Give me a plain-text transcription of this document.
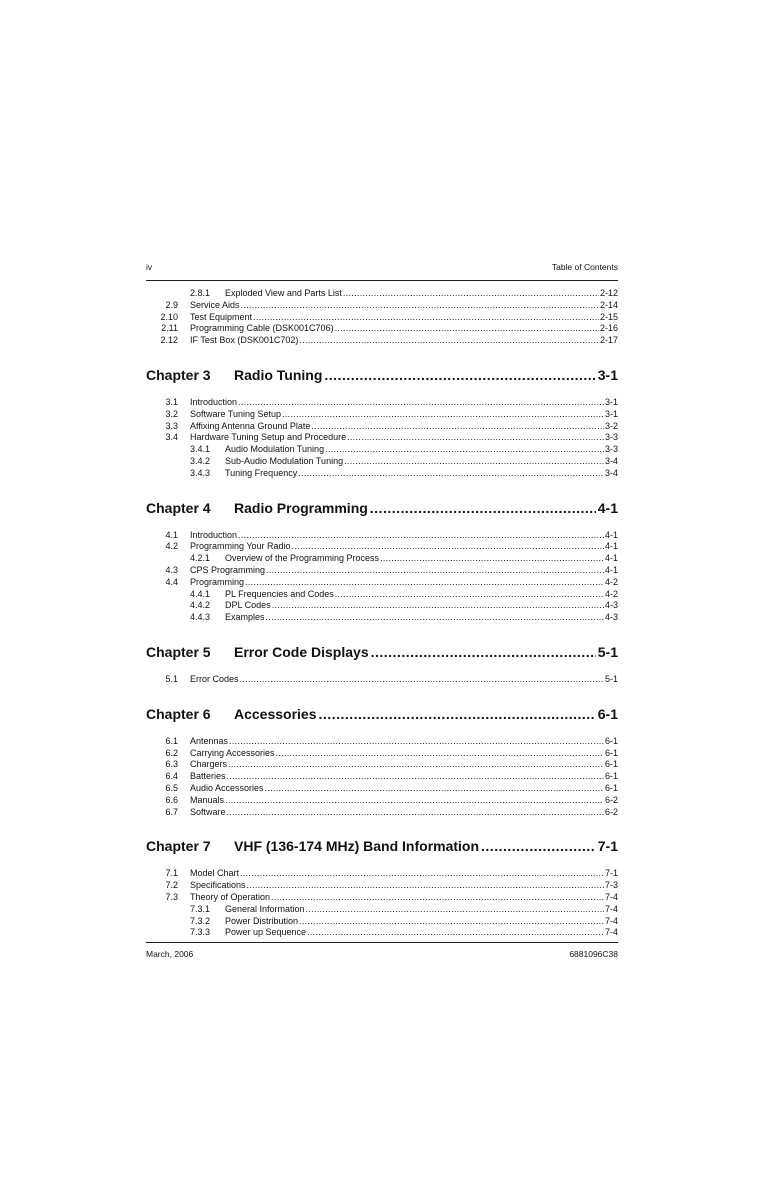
iv	Table of Contents
2.8.1	Exploded View and Parts List .....	2-12
2.9	Service Aids .....	2-14
2.10	Test Equipment .....	2-15
2.11	Programming Cable (DSK001C706) .....	2-16
2.12	IF Test Box (DSK001C702) .....	2-17
Chapter 3	Radio Tuning .....	3-1
3.1	Introduction .....	3-1
3.2	Software Tuning Setup .....	3-1
3.3	Affixing Antenna Ground Plate .....	3-2
3.4	Hardware Tuning Setup and Procedure .....	3-3
3.4.1	Audio Modulation Tuning .....	3-3
3.4.2	Sub-Audio Modulation Tuning .....	3-4
3.4.3	Tuning Frequency .....	3-4
Chapter 4	Radio Programming .....	4-1
4.1	Introduction .....	4-1
4.2	Programming Your Radio .....	4-1
4.2.1	Overview of the Programming Process .....	4-1
4.3	CPS Programming .....	4-1
4.4	Programming .....	4-2
4.4.1	PL Frequencies and Codes .....	4-2
4.4.2	DPL Codes .....	4-3
4.4.3	Examples .....	4-3
Chapter 5	Error Code Displays .....	5-1
5.1	Error Codes .....	5-1
Chapter 6	Accessories .....	6-1
6.1	Antennas .....	6-1
6.2	Carrying Accessories .....	6-1
6.3	Chargers .....	6-1
6.4	Batteries .....	6-1
6.5	Audio Accessories .....	6-1
6.6	Manuals .....	6-2
6.7	Software .....	6-2
Chapter 7	VHF (136-174 MHz) Band Information .....	7-1
7.1	Model Chart .....	7-1
7.2	Specifications .....	7-3
7.3	Theory of Operation .....	7-4
7.3.1	General Information .....	7-4
7.3.2	Power Distribution .....	7-4
7.3.3	Power up Sequence .....	7-4
March, 2006	6881096C38
